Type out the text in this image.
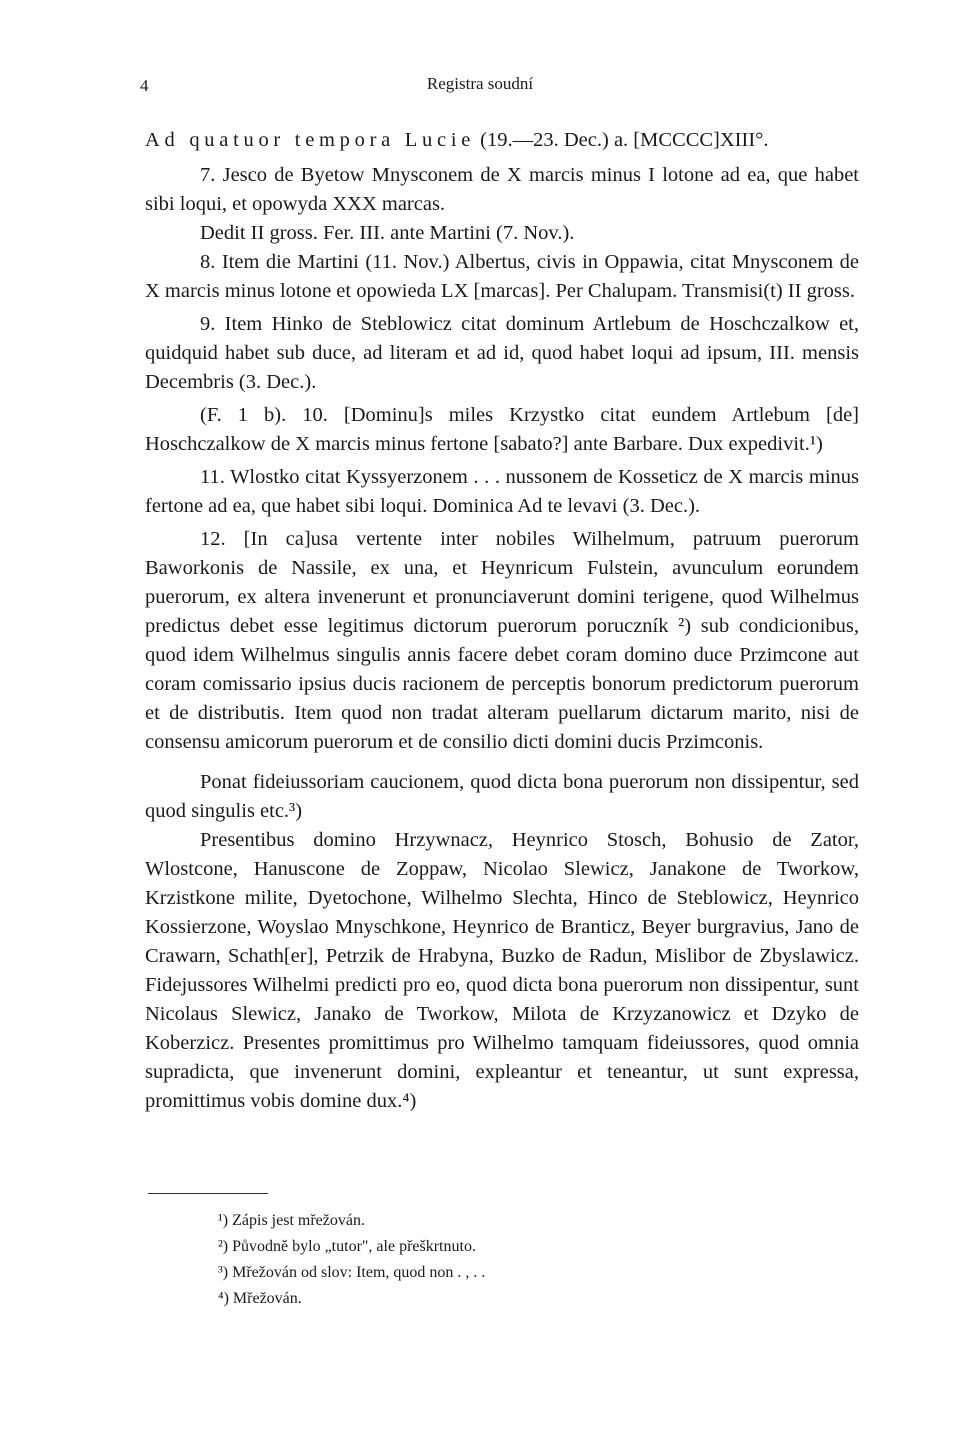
4	Registra soudní

Ad quatuor tempora Lucie (19.—23. Dec.) a. [MCCCC]XIII°.

7. Jesco de Byetow Mnysconem de X marcis minus I lotone ad ea, que habet sibi loqui, et opowyda XXX marcas.

Dedit II gross. Fer. III. ante Martini (7. Nov.).

8. Item die Martini (11. Nov.) Albertus, civis in Oppawia, citat Mnysconem de X marcis minus lotone et opowieda LX [marcas]. Per Chalupam. Transmisi(t) II gross.

9. Item Hinko de Steblowicz citat dominum Artlebum de Hoschczalkow et, quidquid habet sub duce, ad literam et ad id, quod habet loqui ad ipsum, III. mensis Decembris (3. Dec.).

(F. 1 b). 10. [Dominu]s miles Krzystko citat eundem Artlebum [de] Hoschczalkow de X marcis minus fertone [sabato?] ante Barbare. Dux expedivit.¹)

11. Wlostko citat Kyssyerzonem . . . nussonem de Kosseticz de X marcis minus fertone ad ea, que habet sibi loqui. Dominica Ad te levavi (3. Dec.).

12. [In ca]usa vertente inter nobiles Wilhelmum, patruum puerorum Baworkonis de Nassile, ex una, et Heynricum Fulstein, avunculum eorundem puerorum, ex altera invenerunt et pronunciaverunt domini terigene, quod Wilhelmus predictus debet esse legitimus dictorum puerorum poruczník ²) sub condicionibus, quod idem Wilhelmus singulis annis facere debet coram domino duce Przimcone aut coram comissario ipsius ducis racionem de perceptis bonorum predictorum puerorum et de distributis. Item quod non tradat alteram puellarum dictarum marito, nisi de consensu amicorum puerorum et de consilio dicti domini ducis Przimconis.

Ponat fideiussoriam caucionem, quod dicta bona puerorum non dissipentur, sed quod singulis etc.³)

Presentibus domino Hrzywnacz, Heynrico Stosch, Bohusio de Zator, Wlostcone, Hanuscone de Zoppaw, Nicolao Slewicz, Janakone de Tworkow, Krzistkone milite, Dyetochone, Wilhelmo Slechta, Hinco de Steblowicz, Heynrico Kossierzone, Woyslao Mnyschkone, Heynrico de Branticz, Beyer burgravius, Jano de Crawarn, Schath[er], Petrzik de Hrabyna, Buzko de Radun, Mislibor de Zbyslawicz. Fidejussores Wilhelmi predicti pro eo, quod dicta bona puerorum non dissipentur, sunt Nicolaus Slewicz, Janako de Tworkow, Milota de Krzyzanowicz et Dzyko de Koberzicz. Presentes promittimus pro Wilhelmo tamquam fideiussores, quod omnia supradicta, que invenerunt domini, expleantur et teneantur, ut sunt expressa, promittimus vobis domine dux.⁴)

¹) Zápis jest mřežován.

²) Původně bylo „tutor", ale přeškrtnuto.

³) Mřežován od slov: Item, quod non . , . .

⁴) Mřežován.
